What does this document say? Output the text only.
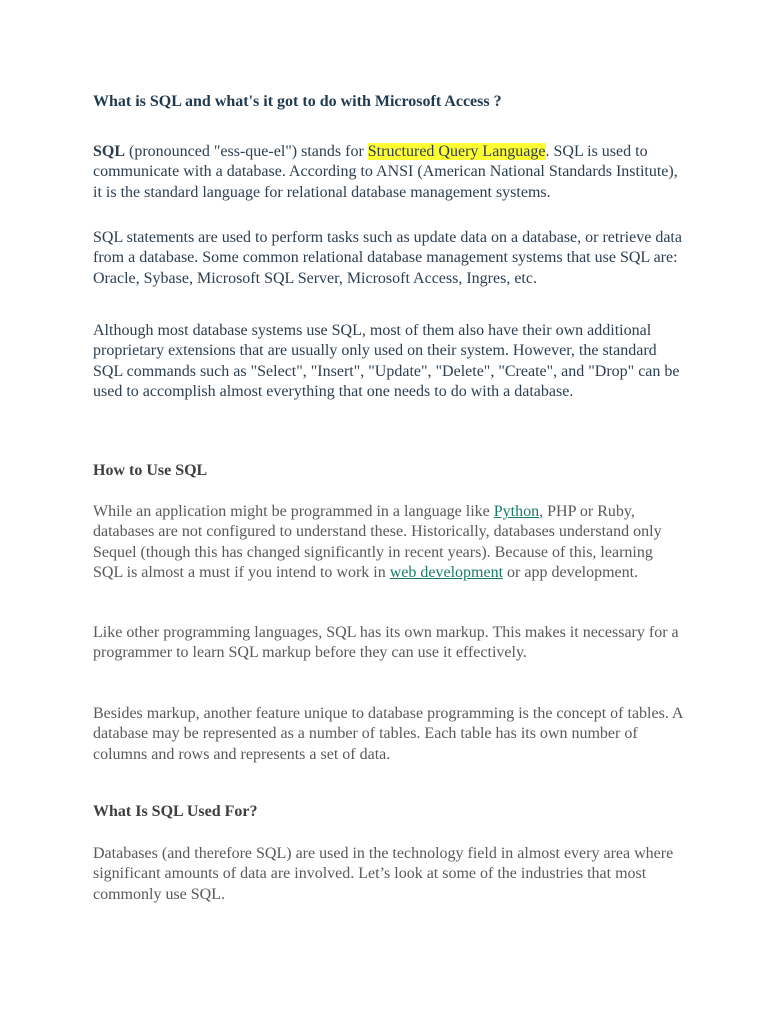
What is SQL and what's it got to do with Microsoft Access ?

SQL (pronounced "ess-que-el") stands for Structured Query Language. SQL is used to communicate with a database. According to ANSI (American National Standards Institute), it is the standard language for relational database management systems.

SQL statements are used to perform tasks such as update data on a database, or retrieve data from a database. Some common relational database management systems that use SQL are: Oracle, Sybase, Microsoft SQL Server, Microsoft Access, Ingres, etc.

Although most database systems use SQL, most of them also have their own additional proprietary extensions that are usually only used on their system. However, the standard SQL commands such as "Select", "Insert", "Update", "Delete", "Create", and "Drop" can be used to accomplish almost everything that one needs to do with a database.

How to Use SQL

While an application might be programmed in a language like Python, PHP or Ruby, databases are not configured to understand these. Historically, databases understand only Sequel (though this has changed significantly in recent years). Because of this, learning SQL is almost a must if you intend to work in web development or app development.

Like other programming languages, SQL has its own markup. This makes it necessary for a programmer to learn SQL markup before they can use it effectively.

Besides markup, another feature unique to database programming is the concept of tables. A database may be represented as a number of tables. Each table has its own number of columns and rows and represents a set of data.

What Is SQL Used For?

Databases (and therefore SQL) are used in the technology field in almost every area where significant amounts of data are involved. Let’s look at some of the industries that most commonly use SQL.
